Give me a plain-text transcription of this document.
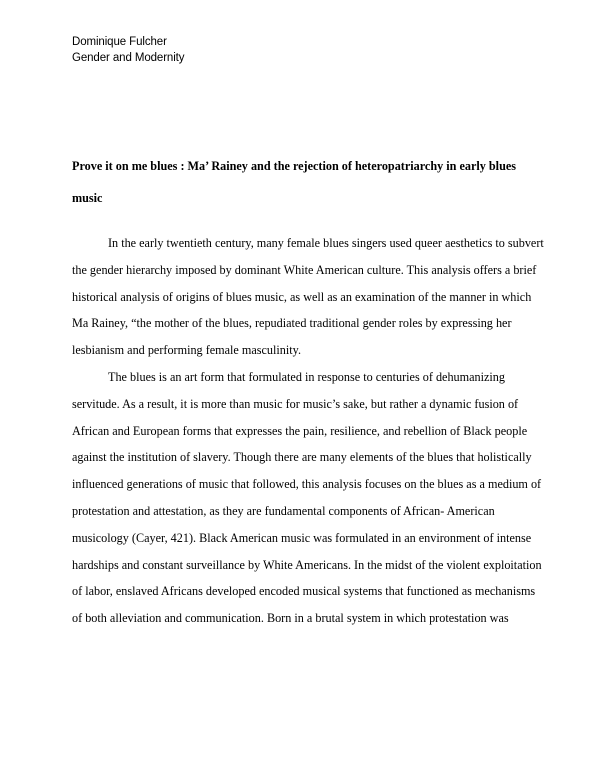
Dominique Fulcher
Gender and Modernity
Prove it on me blues : Ma’ Rainey and the rejection of heteropatriarchy in early blues
music
In the early twentieth century, many female blues singers used queer aesthetics to subvert
the gender hierarchy imposed by dominant White American culture. This analysis offers a brief
historical analysis of origins of blues music, as well as an examination of the manner in which
Ma Rainey, “the mother of the blues, repudiated traditional gender roles by expressing her
lesbianism and performing female masculinity.
The blues is an art form that formulated in response to centuries of dehumanizing
servitude. As a result, it is more than music for music’s sake, but rather a dynamic fusion of
African and European forms that expresses the pain, resilience, and rebellion of Black people
against the institution of slavery. Though there are many elements of the blues that holistically
influenced generations of music that followed, this analysis focuses on the blues as a medium of
protestation and attestation, as they are fundamental components of African- American
musicology (Cayer, 421). Black American music was formulated in an environment of intense
hardships and constant surveillance by White Americans. In the midst of the violent exploitation
of labor, enslaved Africans developed encoded musical systems that functioned as mechanisms
of both alleviation and communication. Born in a brutal system in which protestation was
